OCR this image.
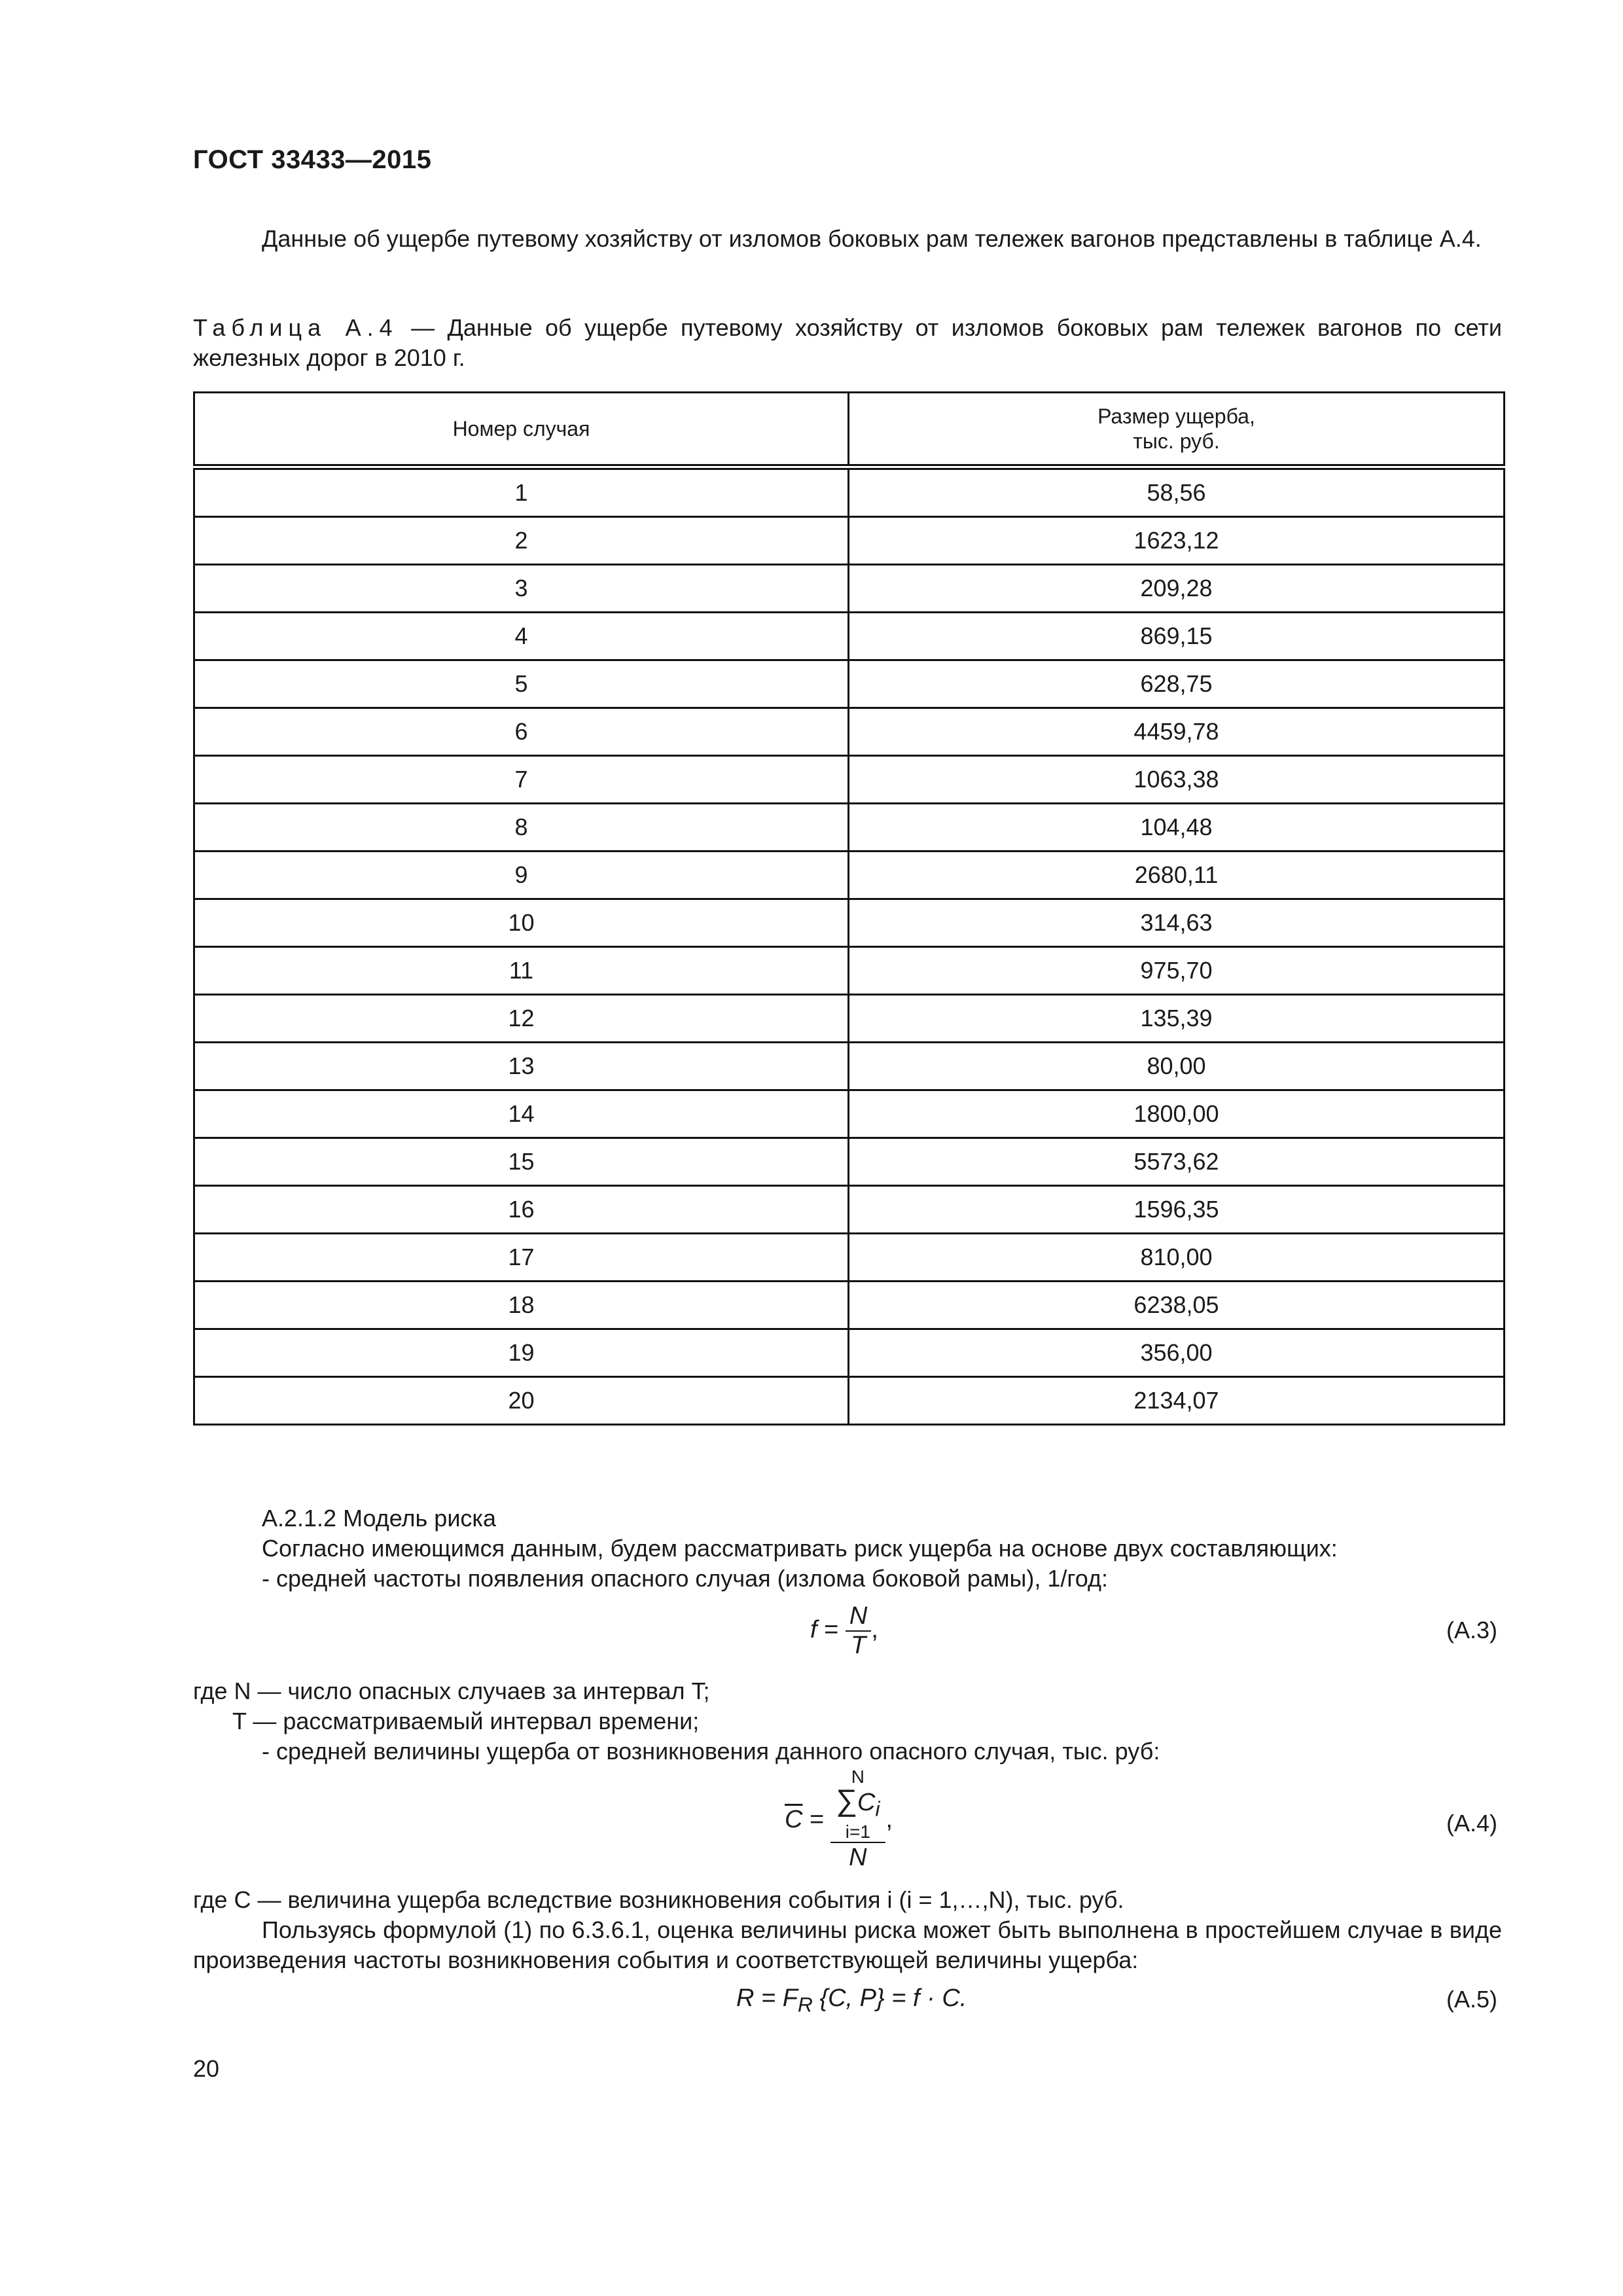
ГОСТ 33433—2015
Данные об ущербе путевому хозяйству от изломов боковых рам тележек вагонов представлены в таблице А.4.
Таблица А.4 — Данные об ущербе путевому хозяйству от изломов боковых рам тележек вагонов по сети железных дорог в 2010 г.
Номер случая	Размер ущерба,
тыс. руб.
1	58,56
2	1623,12
3	209,28
4	869,15
5	628,75
6	4459,78
7	1063,38
8	104,48
9	2680,11
10	314,63
11	975,70
12	135,39
13	80,00
14	1800,00
15	5573,62
16	1596,35
17	810,00
18	6238,05
19	356,00
20	2134,07
А.2.1.2 Модель риска
Согласно имеющимся данным, будем рассматривать риск ущерба на основе двух составляющих:
- средней частоты появления опасного случая (излома боковой рамы), 1/год:
$f = \frac{N}{T}$ ,	(А.3)
где N — число опасных случаев за интервал T;
T — рассматриваемый интервал времени;
- средней величины ущерба от возникновения данного опасного случая, тыс. руб:
$\overline{C}$ =	
N
$\sum C_i$
i=1	,
N
(А.4)
где C — величина ущерба вследствие возникновения события i (i = 1,…,N), тыс. руб.
Пользуясь формулой (1) по 6.3.6.1, оценка величины риска может быть выполнена в простейшем случае в виде произведения частоты возникновения события и соответствующей величины ущерба:
$R = F_R$ {C, P} = f · C.	(А.5)
20
